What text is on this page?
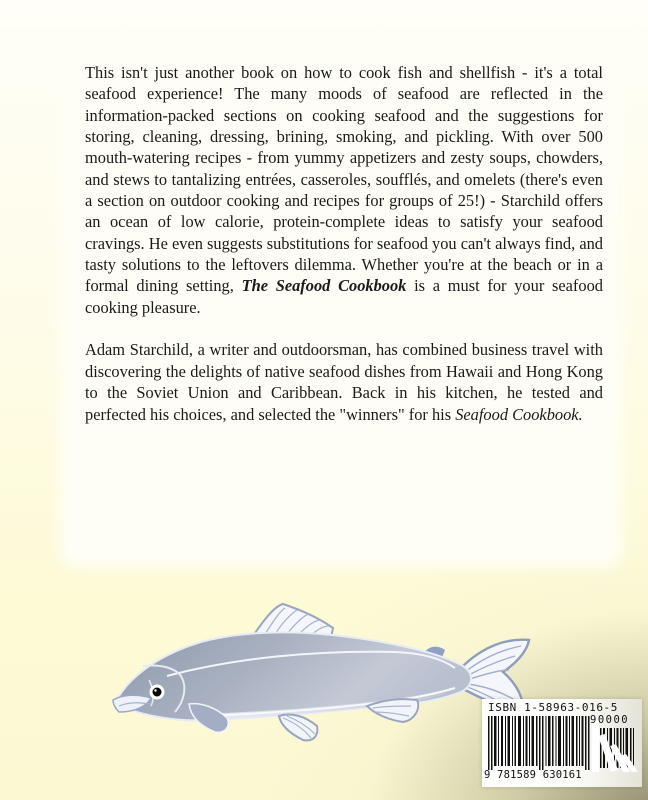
This isn't just another book on how to cook fish and shellfish - it's a total seafood experience! The many moods of seafood are reflected in the information-packed sections on cooking seafood and the suggestions for storing, cleaning, dressing, brining, smoking, and pickling. With over 500 mouth-watering recipes - from yummy appetizers and zesty soups, chowders, and stews to tantalizing entrées, casseroles, soufflés, and omelets (there's even a section on outdoor cooking and recipes for groups of 25!) - Starchild offers an ocean of low calorie, protein-complete ideas to satisfy your seafood cravings. He even suggests substitutions for seafood you can't always find, and tasty solutions to the leftovers dilemma. Whether you're at the beach or in a formal dining setting, The Seafood Cookbook is a must for your seafood cooking pleasure.

Adam Starchild, a writer and outdoorsman, has combined business travel with discovering the delights of native seafood dishes from Hawaii and Hong Kong to the Soviet Union and Caribbean. Back in his kitchen, he tested and perfected his choices, and selected the "winners" for his Seafood Cookbook.

ISBN 1-58963-016-5
90000
9 781589 630161
